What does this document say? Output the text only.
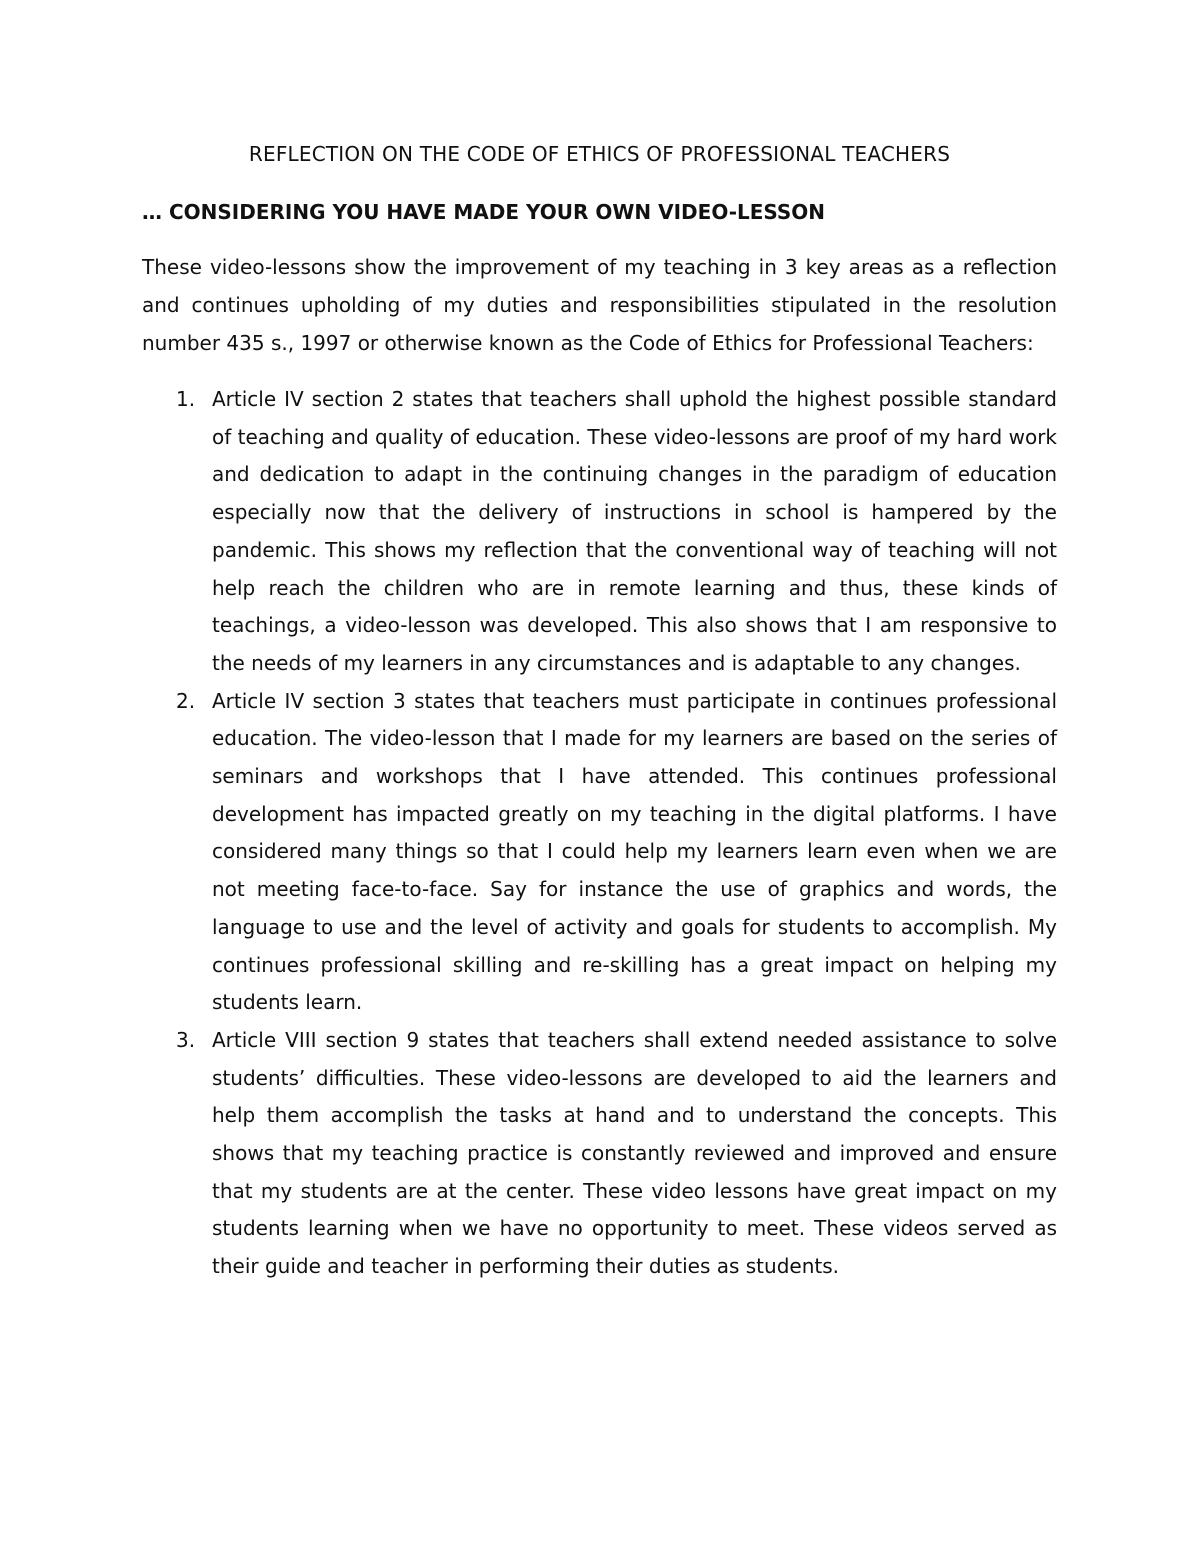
REFLECTION ON THE CODE OF ETHICS OF PROFESSIONAL TEACHERS
… CONSIDERING YOU HAVE MADE YOUR OWN VIDEO-LESSON

These video-lessons show the improvement of my teaching in 3 key areas as a reflection and continues upholding of my duties and responsibilities stipulated in the resolution number 435 s., 1997 or otherwise known as the Code of Ethics for Professional Teachers:

1. Article IV section 2 states that teachers shall uphold the highest possible standard of teaching and quality of education. These video-lessons are proof of my hard work and dedication to adapt in the continuing changes in the paradigm of education especially now that the delivery of instructions in school is hampered by the pandemic. This shows my reflection that the conventional way of teaching will not help reach the children who are in remote learning and thus, these kinds of teachings, a video-lesson was developed. This also shows that I am responsive to the needs of my learners in any circumstances and is adaptable to any changes.
2. Article IV section 3 states that teachers must participate in continues professional education. The video-lesson that I made for my learners are based on the series of seminars and workshops that I have attended. This continues professional development has impacted greatly on my teaching in the digital platforms. I have considered many things so that I could help my learners learn even when we are not meeting face-to-face. Say for instance the use of graphics and words, the language to use and the level of activity and goals for students to accomplish. My continues professional skilling and re-skilling has a great impact on helping my students learn.
3. Article VIII section 9 states that teachers shall extend needed assistance to solve students’ difficulties. These video-lessons are developed to aid the learners and help them accomplish the tasks at hand and to understand the concepts. This shows that my teaching practice is constantly reviewed and improved and ensure that my students are at the center. These video lessons have great impact on my students learning when we have no opportunity to meet. These videos served as their guide and teacher in performing their duties as students.
